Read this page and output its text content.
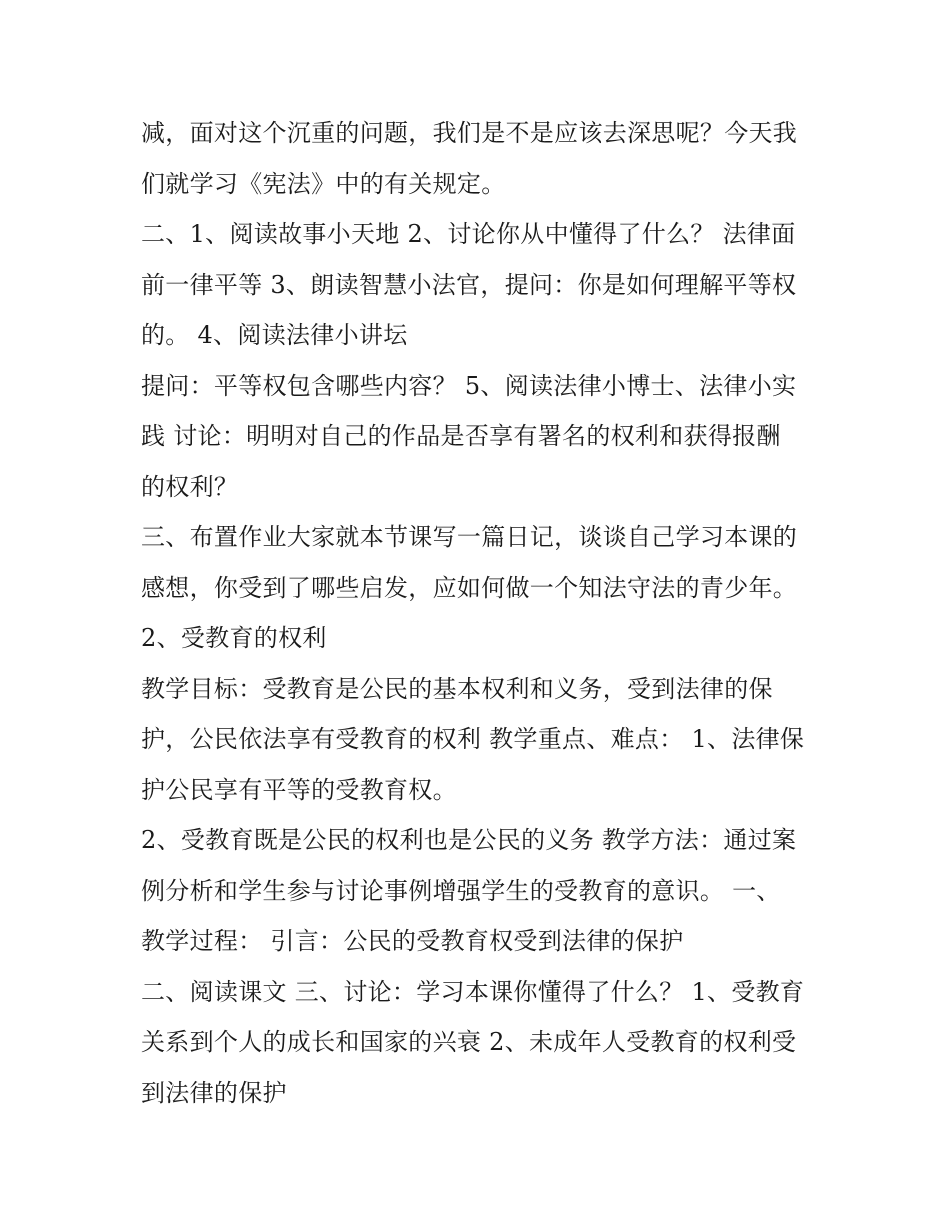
减，面对这个沉重的问题，我们是不是应该去深思呢？今天我
们就学习《宪法》中的有关规定。
二、1、阅读故事小天地 2、讨论你从中懂得了什么？ 法律面
前一律平等 3、朗读智慧小法官，提问：你是如何理解平等权
的。 4、阅读法律小讲坛
提问：平等权包含哪些内容？ 5、阅读法律小博士、法律小实
践 讨论：明明对自己的作品是否享有署名的权利和获得报酬
的权利？
三、布置作业大家就本节课写一篇日记，谈谈自己学习本课的
感想，你受到了哪些启发，应如何做一个知法守法的青少年。
2、受教育的权利
教学目标：受教育是公民的基本权利和义务，受到法律的保
护，公民依法享有受教育的权利 教学重点、难点： 1、法律保
护公民享有平等的受教育权。
2、受教育既是公民的权利也是公民的义务 教学方法：通过案
例分析和学生参与讨论事例增强学生的受教育的意识。 一、
教学过程： 引言：公民的受教育权受到法律的保护
二、阅读课文 三、讨论：学习本课你懂得了什么？ 1、受教育
关系到个人的成长和国家的兴衰 2、未成年人受教育的权利受
到法律的保护
